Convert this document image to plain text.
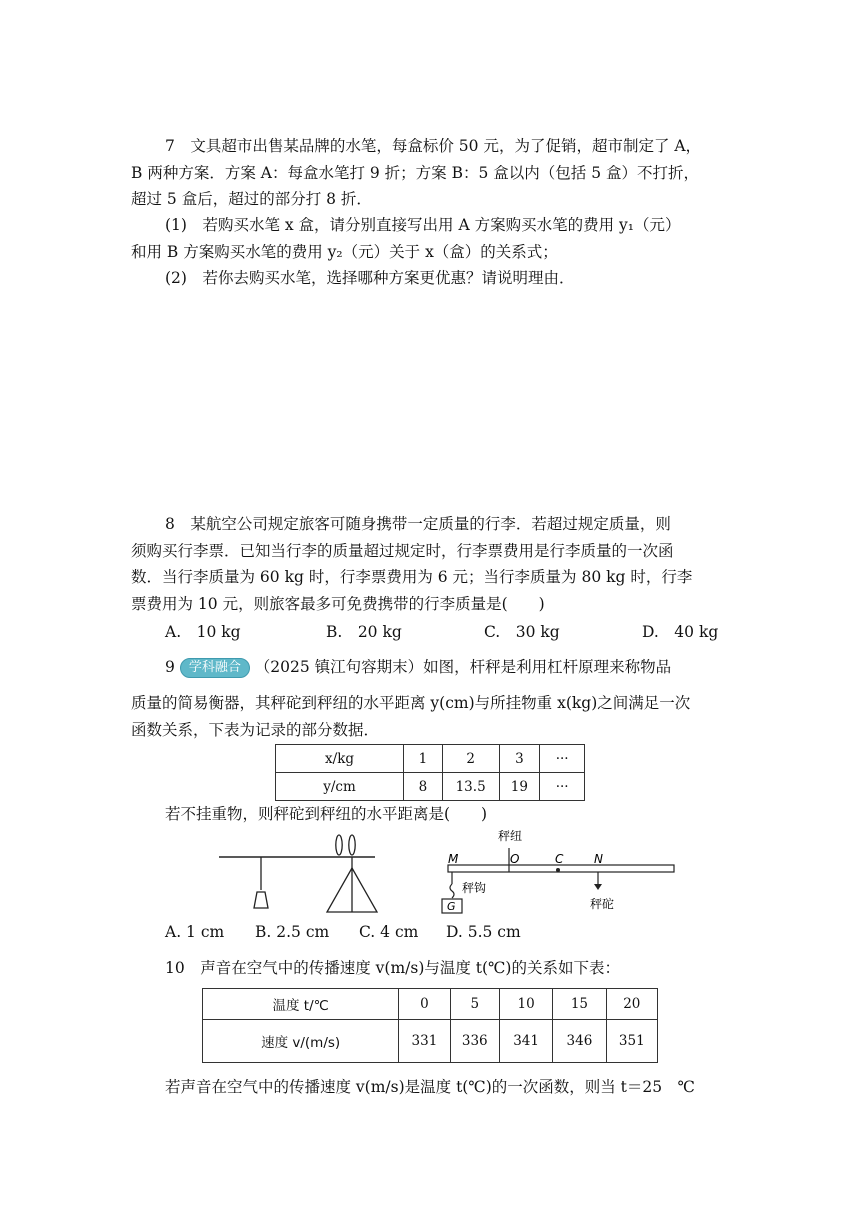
7　文具超市出售某品牌的水笔，每盒标价 50 元，为了促销，超市制定了 A，
B 两种方案．方案 A：每盒水笔打 9 折；方案 B：5 盒以内（包括 5 盒）不打折，
超过 5 盒后，超过的部分打 8 折．
(1)　若购买水笔 x 盒，请分别直接写出用 A 方案购买水笔的费用 y₁（元）
和用 B 方案购买水笔的费用 y₂（元）关于 x（盒）的关系式；
(2)　若你去购买水笔，选择哪种方案更优惠？请说明理由．
8　某航空公司规定旅客可随身携带一定质量的行李．若超过规定质量，则
须购买行李票．已知当行李的质量超过规定时，行李票费用是行李质量的一次函
数．当行李质量为 60 kg 时，行李票费用为 6 元；当行李质量为 80 kg 时，行李
票费用为 10 元，则旅客最多可免费携带的行李质量是(　　)
A.　10 kg	B.　20 kg	C.　30 kg	D.　40 kg
9 学科融合 （2025 镇江句容期末）如图，杆秤是利用杠杆原理来称物品
质量的简易衡器，其秤砣到秤纽的水平距离 y(cm)与所挂物重 x(kg)之间满足一次
函数关系，下表为记录的部分数据．
x/kg	1	2	3	···
y/cm	8	13.5	19	···
若不挂重物，则秤砣到秤纽的水平距离是(　　)
秤纽
M	O	C	N
秤钩
秤砣
G
A. 1 cm B. 2.5 cm C. 4 cm D. 5.5 cm
10　声音在空气中的传播速度 v(m/s)与温度 t(℃)的关系如下表：
温度 t/℃	0	5	10	15	20
速度 v/(m/s)	331	336	341	346	351
若声音在空气中的传播速度 v(m/s)是温度 t(℃)的一次函数，则当 t＝25　℃
